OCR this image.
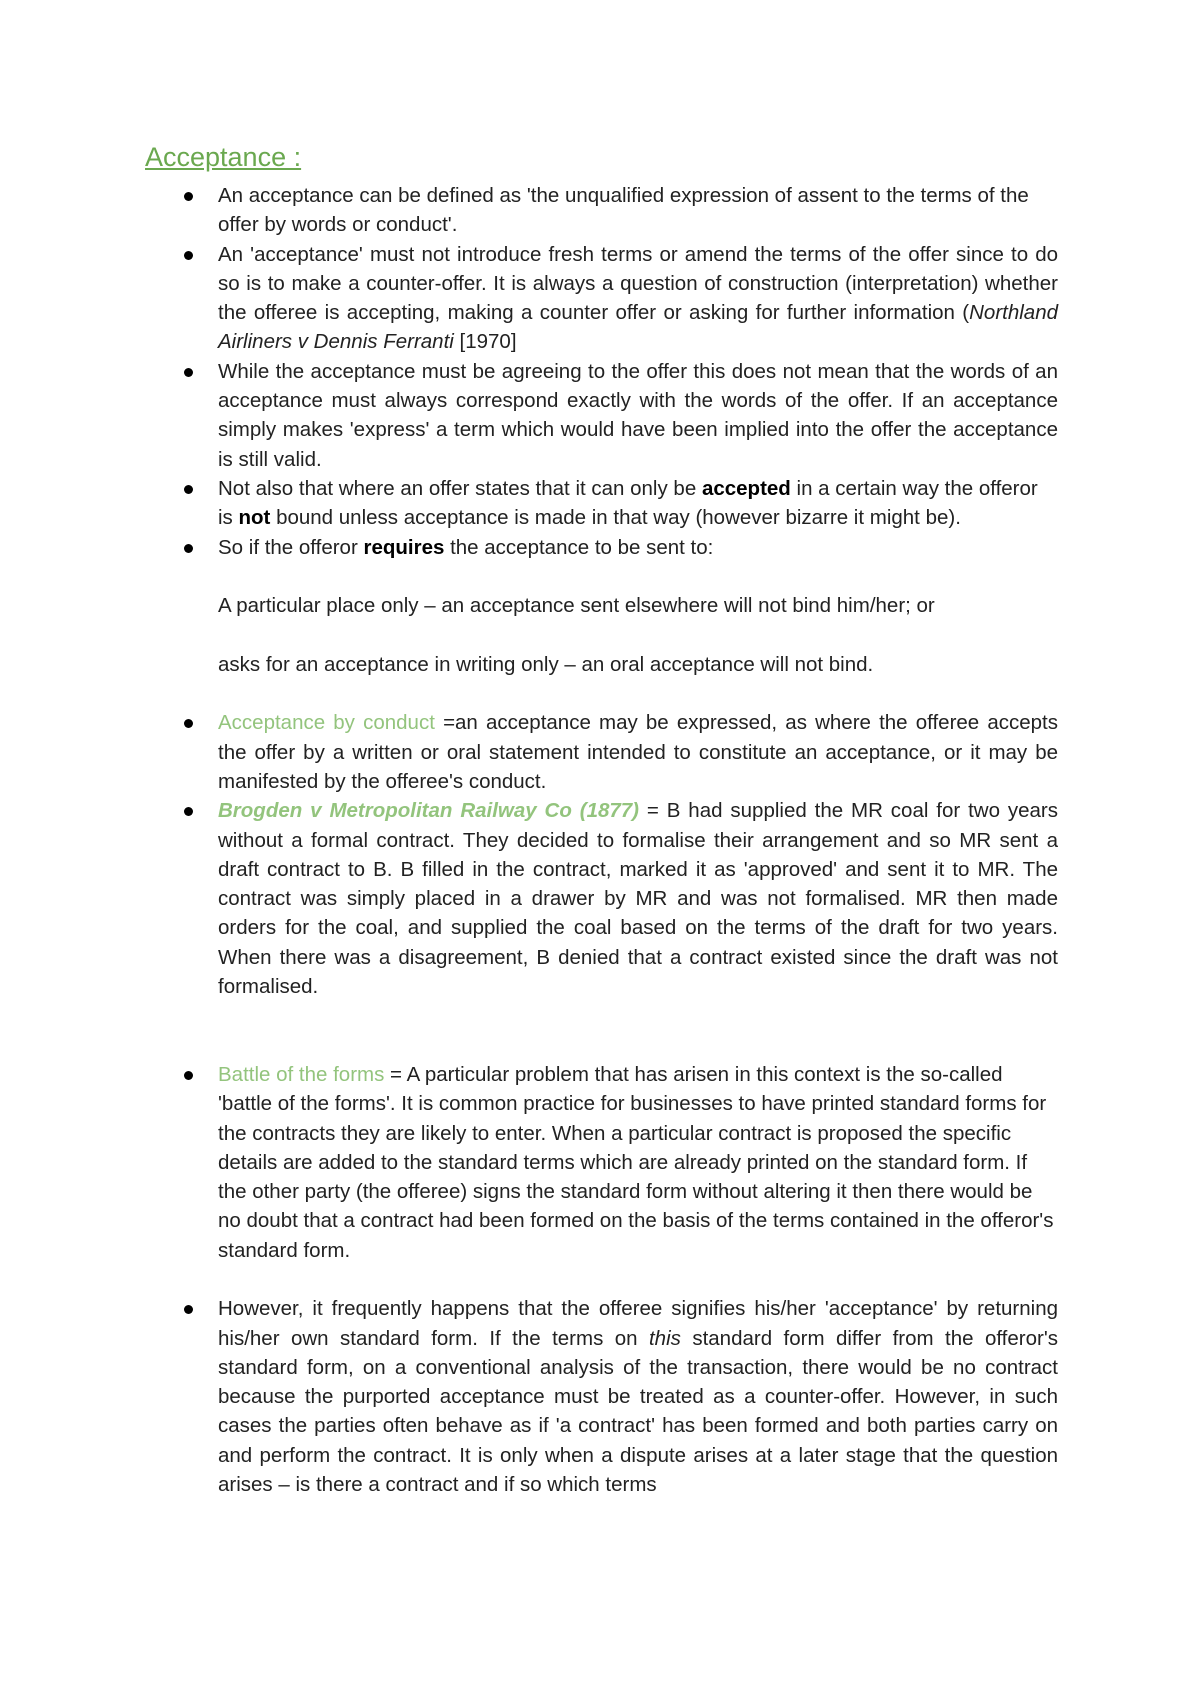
Acceptance :
An acceptance can be defined as 'the unqualified expression of assent to the terms of the offer by words or conduct'.
An 'acceptance' must not introduce fresh terms or amend the terms of the offer since to do so is to make a counter-offer. It is always a question of construction (interpretation) whether the offeree is accepting, making a counter offer or asking for further information (Northland Airliners v Dennis Ferranti [1970]
While the acceptance must be agreeing to the offer this does not mean that the words of an acceptance must always correspond exactly with the words of the offer. If an acceptance simply makes 'express' a term which would have been implied into the offer the acceptance is still valid.
Not also that where an offer states that it can only be accepted in a certain way the offeror is not bound unless acceptance is made in that way (however bizarre it might be).
So if the offeror requires the acceptance to be sent to:
A particular place only – an acceptance sent elsewhere will not bind him/her; or
asks for an acceptance in writing only – an oral acceptance will not bind.
Acceptance by conduct =an acceptance may be expressed, as where the offeree accepts the offer by a written or oral statement intended to constitute an acceptance, or it may be manifested by the offeree's conduct.
Brogden v Metropolitan Railway Co (1877) = B had supplied the MR coal for two years without a formal contract. They decided to formalise their arrangement and so MR sent a draft contract to B. B filled in the contract, marked it as 'approved' and sent it to MR. The contract was simply placed in a drawer by MR and was not formalised. MR then made orders for the coal, and supplied the coal based on the terms of the draft for two years. When there was a disagreement, B denied that a contract existed since the draft was not formalised.
Battle of the forms = A particular problem that has arisen in this context is the so-called 'battle of the forms'. It is common practice for businesses to have printed standard forms for the contracts they are likely to enter. When a particular contract is proposed the specific details are added to the standard terms which are already printed on the standard form. If the other party (the offeree) signs the standard form without altering it then there would be no doubt that a contract had been formed on the basis of the terms contained in the offeror's standard form.
However, it frequently happens that the offeree signifies his/her 'acceptance' by returning his/her own standard form. If the terms on this standard form differ from the offeror's standard form, on a conventional analysis of the transaction, there would be no contract because the purported acceptance must be treated as a counter-offer. However, in such cases the parties often behave as if 'a contract' has been formed and both parties carry on and perform the contract. It is only when a dispute arises at a later stage that the question arises – is there a contract and if so which terms
